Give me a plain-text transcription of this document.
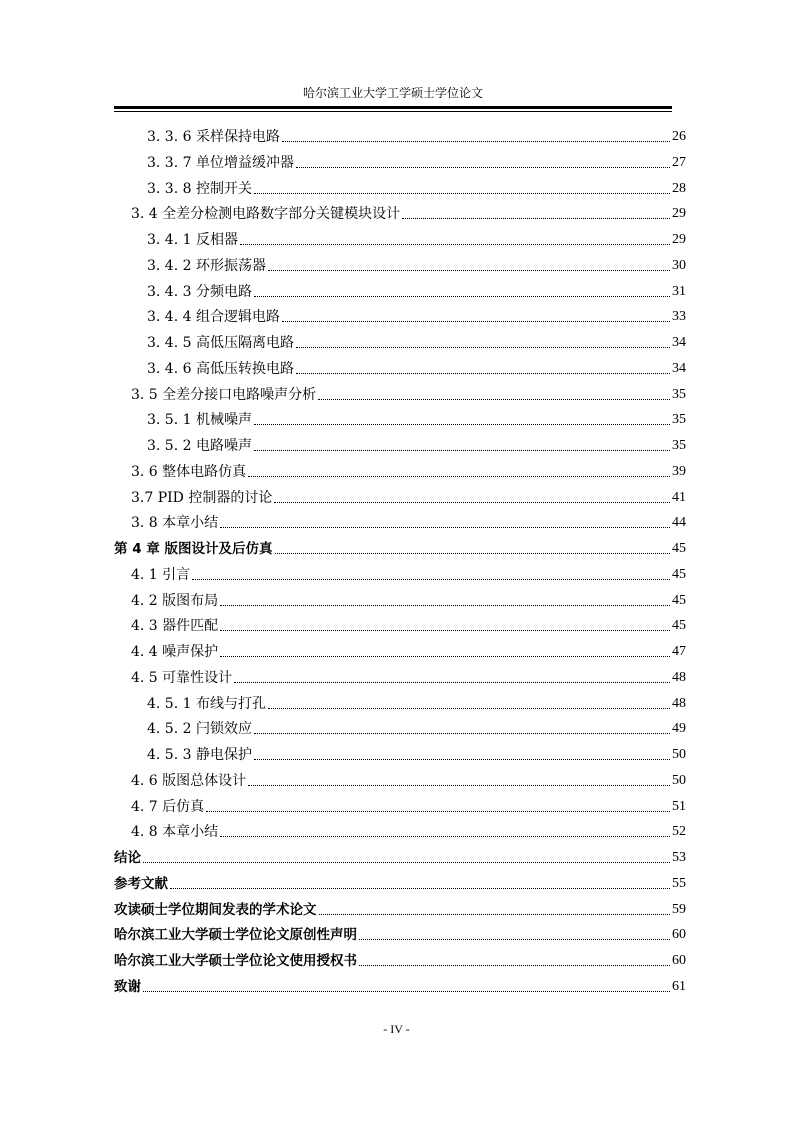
哈尔滨工业大学工学硕士学位论文
3. 3. 6 采样保持电路	26
3. 3. 7 单位增益缓冲器	27
3. 3. 8 控制开关	28
3. 4 全差分检测电路数字部分关键模块设计	29
3. 4. 1 反相器	29
3. 4. 2 环形振荡器	30
3. 4. 3 分频电路	31
3. 4. 4 组合逻辑电路	33
3. 4. 5 高低压隔离电路	34
3. 4. 6 高低压转换电路	34
3. 5 全差分接口电路噪声分析	35
3. 5. 1 机械噪声	35
3. 5. 2 电路噪声	35
3. 6 整体电路仿真	39
3.7 PID 控制器的讨论	41
3. 8 本章小结	44
第 4 章 版图设计及后仿真	45
4. 1 引言	45
4. 2 版图布局	45
4. 3 器件匹配	45
4. 4 噪声保护	47
4. 5 可靠性设计	48
4. 5. 1 布线与打孔	48
4. 5. 2 闩锁效应	49
4. 5. 3 静电保护	50
4. 6 版图总体设计	50
4. 7 后仿真	51
4. 8 本章小结	52
结论	53
参考文献	55
攻读硕士学位期间发表的学术论文	59
哈尔滨工业大学硕士学位论文原创性声明	60
哈尔滨工业大学硕士学位论文使用授权书	60
致谢	61
- IV -
